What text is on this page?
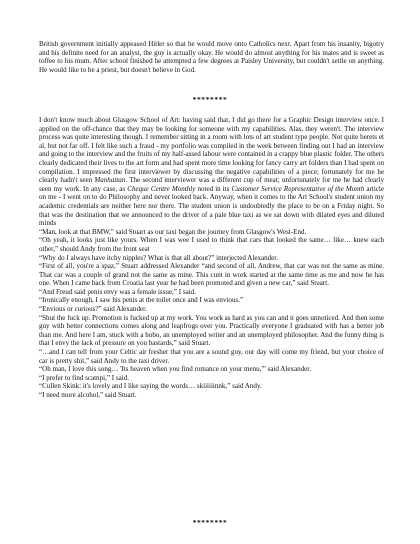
British government initially appeased Hitler so that he would move onto Catholics next. Apart from his insanity, bigotry and his definite need for an analyst, the guy is actually okay. He would do almost anything for his mates and is sweet as toffee to his mum. After school finished he attempted a few degrees at Paisley University, but couldn't settle on anything. He would like to be a priest, but doesn't believe in God.

********

I don't know much about Glasgow School of Art: having said that, I did go there for a Graphic Design interview once. I applied on the off-chance that they may be looking for someone with my capabilities. Alas, they weren't. The interview process was quite interesting though. I remember sitting in a room with lots of art student type people. Not quite berets et al, but not far off. I felt like such a fraud - my portfolio was compiled in the week between finding out I had an interview and going to the interview and the fruits of my half-assed labour were contained in a crappy blue plastic folder. The others clearly dedicated their lives to the art form and had spent more time looking for fancy carry art folders than I had spent on compilation. I impressed the first interviewer by discussing the negative capabilities of a piece; fortunately for me he clearly hadn't seen Manhattan. The second interviewer was a different cup of meat; unfortunately for me he had clearly seen my work. In any case, as Cheque Centre Monthly noted in its Customer Service Representative of the Month article on me - I went on to do Philosophy and never looked back. Anyway, when it comes to the Art School's student union my academic credentials are neither here nor there. The student union is undoubtedly the place to be on a Friday night. So that was the destination that we announced to the driver of a pale blue taxi as we sat down with dilated eyes and diluted minds

“Man, look at that BMW,” said Stuart as our taxi began the journey from Glasgow's West-End.

“Oh yeah, it looks just like yours. When I was wee I used to think that cars that looked the same… like… knew each other,” should Andy from the front seat

“Why do I always have itchy nipples? What is that all about?” interjected Alexander.

“First of all, you're a spaz,” Stuart addressed Alexander “and second of all, Andrew, that car was not the same as mine. That car was a couple of grand not the same as mine. This cunt in work started at the same time as me and now he has one. When I came back from Croatia last year he had been promoted and given a new car,” said Stuart.

“And Freud said penis envy was a female issue,” I said.

“Ironically enough, I saw his penis at the toilet once and I was envious.”

“Envious or curious?” said Alexander.

“Shut the fuck up. Promotion is fucked up at my work. You work as hard as you can and it goes unnoticed. And then some guy with better connections comes along and leapfrogs over you. Practically everyone I graduated with has a better job than me. And here I am, stuck with a hobo, an unemployed writer and an unemployed philosopher. And the funny thing is that I envy the lack of pressure on you bastards,” said Stuart.

“…and I can tell from your Celtic air fresher that you are a sound guy, our day will come my friend, but your choice of car is pretty shit,” said Andy to the taxi driver.

“Oh man, I love this song… 'Its heaven when you find romance on your menu,'” said Alexander.

“I prefer to find scampi,” I said.

“Cullen Skink: it's lovely and I like saying the words… skiiiiiinnk,” said Andy.

“I need more alcohol,” said Stuart.

********
